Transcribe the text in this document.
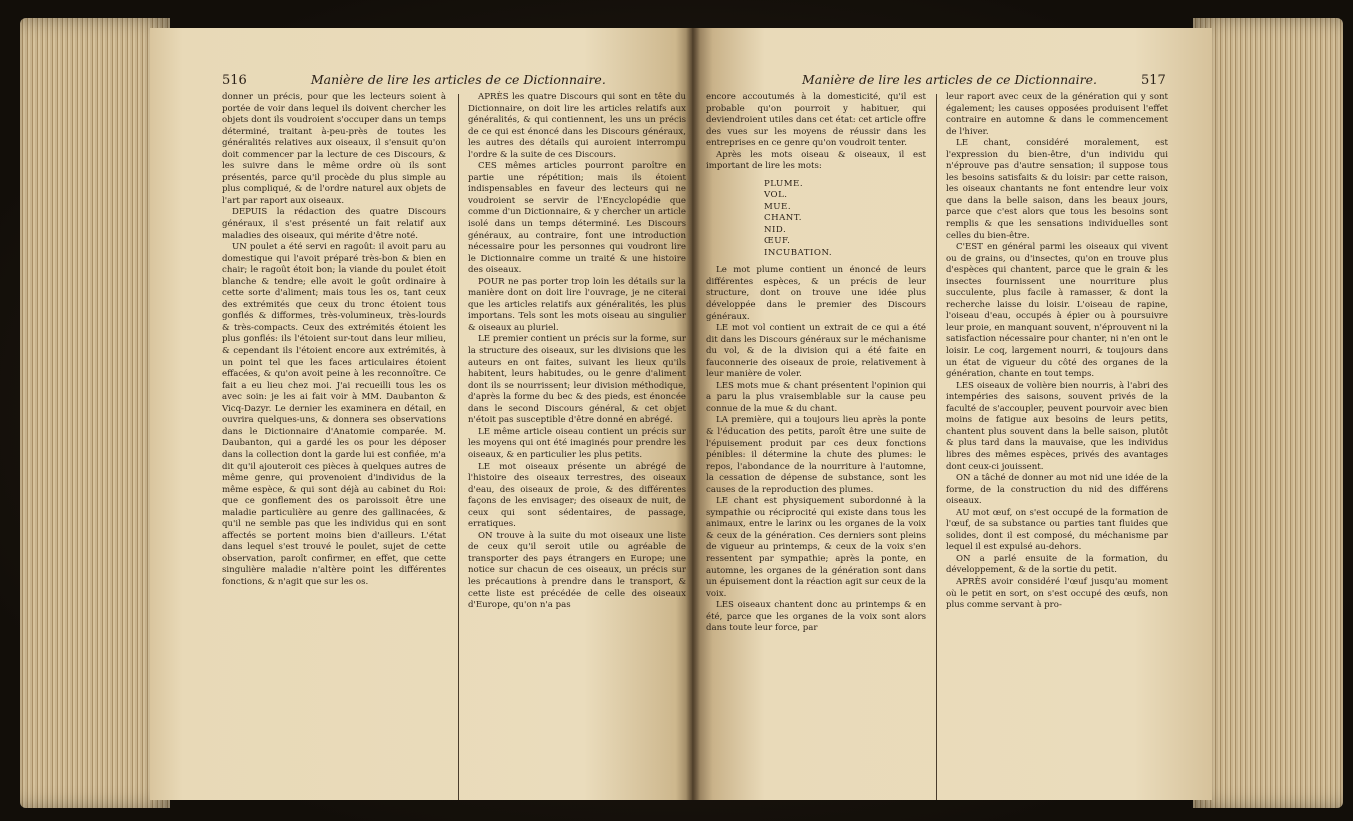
516	Manière de lire les articles de ce Dictionnaire.

donner un précis, pour que les lecteurs soient à portée de voir dans lequel ils doivent chercher les objets dont ils voudroient s'occuper dans un temps déterminé, traitant à-peu-près de toutes les généralités relatives aux oiseaux, il s'ensuit qu'on doit commencer par la lecture de ces Discours, & les suivre dans le même ordre où ils sont présentés, parce qu'il procède du plus simple au plus compliqué, & de l'ordre naturel aux objets de l'art par raport aux oiseaux.

DEPUIS la rédaction des quatre Discours généraux, il s'est présenté un fait relatif aux maladies des oiseaux, qui mérite d'être noté.

UN poulet a été servi en ragoût: il avoit paru au domestique qui l'avoit préparé très-bon & bien en chair; le ragoût étoit bon; la viande du poulet étoit blanche & tendre; elle avoit le goût ordinaire à cette sorte d'aliment; mais tous les os, tant ceux des extrémités que ceux du tronc étoient tous gonflés & difformes, très-volumineux, très-lourds & très-compacts. Ceux des extrémités étoient les plus gonflés: ils l'étoient sur-tout dans leur milieu, & cependant ils l'étoient encore aux extrémités, à un point tel que les faces articulaires étoient effacées, & qu'on avoit peine à les reconnoître. Ce fait a eu lieu chez moi. J'ai recueilli tous les os avec soin: je les ai fait voir à MM. Daubanton & Vicq-Dazyr. Le dernier les examinera en détail, en ouvrira quelques-uns, & donnera ses observations dans le Dictionnaire d'Anatomie comparée. M. Daubanton, qui a gardé les os pour les déposer dans la collection dont la garde lui est confiée, m'a dit qu'il ajouteroit ces pièces à quelques autres de même genre, qui provenoient d'individus de la même espèce, & qui sont déjà au cabinet du Roi: que ce gonflement des os paroissoit être une maladie particulière au genre des gallinacées, & qu'il ne semble pas que les individus qui en sont affectés se portent moins bien d'ailleurs. L'état dans lequel s'est trouvé le poulet, sujet de cette observation, paroît confirmer, en effet, que cette singulière maladie n'altère point les différentes fonctions, & n'agit que sur les os.

APRÈS les quatre Discours qui sont en tête du Dictionnaire, on doit lire les articles relatifs aux généralités, & qui contiennent, les uns un précis de ce qui est énoncé dans les Discours généraux, les autres des détails qui auroient interrompu l'ordre & la suite de ces Discours.

CES mêmes articles pourront paroître en partie une répétition; mais ils étoient indispensables en faveur des lecteurs qui ne voudroient se servir de l'Encyclopédie que comme d'un Dictionnaire, & y chercher un article isolé dans un temps déterminé. Les Discours généraux, au contraire, font une introduction nécessaire pour les personnes qui voudront lire le Dictionnaire comme un traité & une histoire des oiseaux.

POUR ne pas porter trop loin les détails sur la manière dont on doit lire l'ouvrage, je ne citerai que les articles relatifs aux généralités, les plus importans. Tels sont les mots oiseau au singulier & oiseaux au pluriel.

LE premier contient un précis sur la forme, sur la structure des oiseaux, sur les divisions que les auteurs en ont faites, suivant les lieux qu'ils habitent, leurs habitudes, ou le genre d'aliment dont ils se nourrissent; leur division méthodique, d'après la forme du bec & des pieds, est énoncée dans le second Discours général, & cet objet n'étoit pas susceptible d'être donné en abrégé.

LE même article oiseau contient un précis sur les moyens qui ont été imaginés pour prendre les oiseaux, & en particulier les plus petits.

LE mot oiseaux présente un abrégé de l'histoire des oiseaux terrestres, des oiseaux d'eau, des oiseaux de proie, & des différentes façons de les envisager; des oiseaux de nuit, de ceux qui sont sédentaires, de passage, erratiques.

ON trouve à la suite du mot oiseaux une liste de ceux qu'il seroit utile ou agréable de transporter des pays étrangers en Europe; une notice sur chacun de ces oiseaux, un précis sur les précautions à prendre dans le transport, & cette liste est précédée de celle des oiseaux d'Europe, qu'on n'a pas

Manière de lire les articles de ce Dictionnaire.	517

encore accoutumés à la domesticité, qu'il est probable qu'on pourroit y habituer, qui deviendroient utiles dans cet état: cet article offre des vues sur les moyens de réussir dans les entreprises en ce genre qu'on voudroit tenter.

Après les mots oiseau & oiseaux, il est important de lire les mots:

PLUME.
VOL.
MUE.
CHANT.
NID.
ŒUF.
INCUBATION.

Le mot plume contient un énoncé de leurs différentes espèces, & un précis de leur structure, dont on trouve une idée plus développée dans le premier des Discours généraux.

LE mot vol contient un extrait de ce qui a été dit dans les Discours généraux sur le méchanisme du vol, & de la division qui a été faite en fauconnerie des oiseaux de proie, relativement à leur manière de voler.

LES mots mue & chant présentent l'opinion qui a paru la plus vraisemblable sur la cause peu connue de la mue & du chant.

LA première, qui a toujours lieu après la ponte & l'éducation des petits, paroît être une suite de l'épuisement produit par ces deux fonctions pénibles: il détermine la chute des plumes: le repos, l'abondance de la nourriture à l'automne, la cessation de dépense de substance, sont les causes de la reproduction des plumes.

LE chant est physiquement subordonné à la sympathie ou réciprocité qui existe dans tous les animaux, entre le larinx ou les organes de la voix & ceux de la génération. Ces derniers sont pleins de vigueur au printemps, & ceux de la voix s'en ressentent par sympathie; après la ponte, en automne, les organes de la génération sont dans un épuisement dont la réaction agit sur ceux de la voix.

LES oiseaux chantent donc au printemps & en été, parce que les organes de la voix sont alors dans toute leur force, par

leur raport avec ceux de la génération qui y sont également; les causes opposées produisent l'effet contraire en automne & dans le commencement de l'hiver.

LE chant, considéré moralement, est l'expression du bien-être, d'un individu qui n'éprouve pas d'autre sensation; il suppose tous les besoins satisfaits & du loisir: par cette raison, les oiseaux chantants ne font entendre leur voix que dans la belle saison, dans les beaux jours, parce que c'est alors que tous les besoins sont remplis & que les sensations individuelles sont celles du bien-être.

C'EST en général parmi les oiseaux qui vivent ou de grains, ou d'insectes, qu'on en trouve plus d'espèces qui chantent, parce que le grain & les insectes fournissent une nourriture plus succulente, plus facile à ramasser, & dont la recherche laisse du loisir. L'oiseau de rapine, l'oiseau d'eau, occupés à épier ou à poursuivre leur proie, en manquant souvent, n'éprouvent ni la satisfaction nécessaire pour chanter, ni n'en ont le loisir. Le coq, largement nourri, & toujours dans un état de vigueur du côté des organes de la génération, chante en tout temps.

LES oiseaux de volière bien nourris, à l'abri des intempéries des saisons, souvent privés de la faculté de s'accoupler, peuvent pourvoir avec bien moins de fatigue aux besoins de leurs petits, chantent plus souvent dans la belle saison, plutôt & plus tard dans la mauvaise, que les individus libres des mêmes espèces, privés des avantages dont ceux-ci jouissent.

ON a tâché de donner au mot nid une idée de la forme, de la construction du nid des différens oiseaux.

AU mot œuf, on s'est occupé de la formation de l'œuf, de sa substance ou parties tant fluides que solides, dont il est composé, du méchanisme par lequel il est expulsé au-dehors.

ON a parlé ensuite de la formation, du développement, & de la sortie du petit.

APRÈS avoir considéré l'œuf jusqu'au moment où le petit en sort, on s'est occupé des œufs, non plus comme servant à pro-
